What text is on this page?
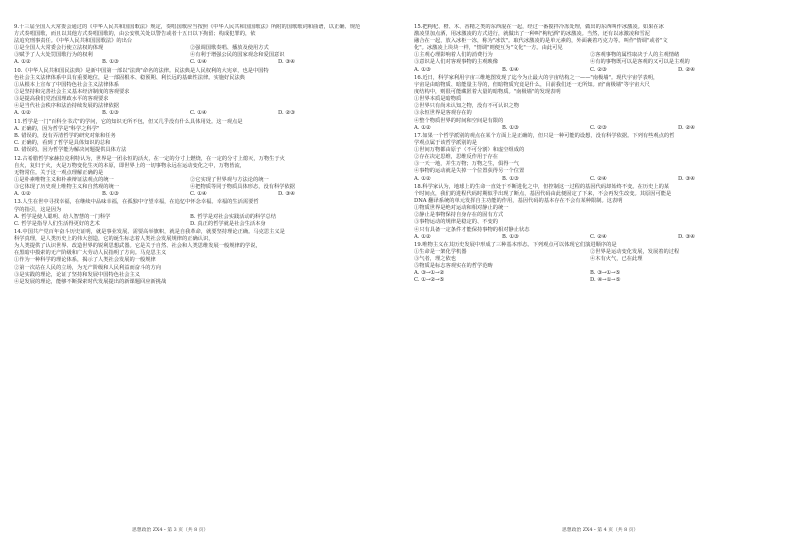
9.十三届全国人大常委会通过的《中华人民共和国国歌法》规定，奏唱国歌应当按照《中华人民共和国国歌法》所附的国歌歌词和曲谱，以正确、规范
方式奏唱国歌，而且以其他方式奏唱国歌的，由公安机关处以警告或者十五日以下拘留；构成犯罪的，依
法追究刑事责任。《中华人民共和国国歌法》的出台
①是全国人大常委会行使立法权的体现	②强调国歌奏唱、播放及使用方式
③赋予了人大处罚国歌行为的权利	④有利于增强公民的国家观念和爱国意识
A. ①②	B. ①③	C. ①④	D. ③④
10.《中华人民共和国民法典》是新中国第一部以"法典"命名的法律。民法典是人民权利的大宪章，也是中国特
色社会主义法律体系中具有重要地位，是一部固根本、稳预期、利长远的基础性法律。实施好民法典
①从根本上宣布了中国特色社会主义法律体系
②是坚持和完善社会主义基本经济制度的客观要求
③是提高我们党治国理政水平的客观要求
④是当代社会秩序和法治持续发展的法律依据
A. ①②	B. ①③	C. ①④	D. ②③
11.哲学是一门"百科全书式"的学问，它的知识无所不包，但又几乎没有什么具体用处。这一观点是
A. 正确的，因为哲学是"科学之科学"
B. 错误的，没有弄清哲学的研究对象和任务
C. 正确的，看到了哲学是具体知识的总和
D. 错误的，因为哲学能为解决问题提供具体方法
12.古希腊哲学家赫拉克利特认为，世界是一团永恒的活火，在一定的分寸上燃烧，在一定的分寸上熄灭，万物生于火
自火，复归于火，火是万物变化生灭的本原，即世界上的一切事物永远在运动变化之中，万物皆流，
无物常住。关于这一观点理解正确的是
①是朴素唯物主义和朴素辩证法观点的统一	②它实现了世界观与方法论的统一
③它体现了历史观上唯物主义和自然观的统一	④把物质等同于物质具体形态，没有科学依据
A. ①②	B. ①③	C. ①④	D. ③④
13.人生在世中寻找幸福，在继续中品味幸福，在孤独中守望幸福，在追忆中怀念幸福。幸福的生活需要哲
学的指引，这是因为
A. 哲学是使人聪明、给人智慧的一门科学	B. 哲学是对社会实践活动的科学总结
C. 哲学是指导人们生活得更好的艺术	D. 真正的哲学就是社会生活本身
14.中国共产党百年奋斗历史证明，就是事业发展、需要高举旗帜，就是自我革命，就要坚持理论正确。马克思主义是
科学真理，是人类历史上的伟大创造，它的诞生标志着人类社会发展规律的正确认识，
为人类提供了认识世界、改造世界的锐利思想武器。它是关于自然、社会和人类思维发展一般规律的学说，
在黑暗中摸索的无产阶级和广大劳动人民指明了方向。马克思主义
①作为一种科学的理论体系，揭示了人类社会发展的一般规律
②第一次站在人民的立场，为无产阶级和人民利益而奋斗的方向
③是实践的理论，论证了坚持和发展中国特色社会主义
④是发展的理论，能够不断探索时代发展提出的新课题回应新挑战
15.把枸杞、橙、木、香精之类的东西混在一起，经过一番搅拌冷冻处理，做出的东西叫作冰激凌。如果在冰
激凌里加点酒，用冰激凌的方式进行，就做出了一种叫"枸杞酒"的冰激凌。当然，还有以冰激凌和雪泥
融合在一起，放入冰柜一冻，称为"冰饮"。取代冰激凌的是单元素的，外面裹着巧克力等。叫作"情调"或者"文
化"。冰激凌上块块一样，"情调"则便互为"文化"一方。由此可见
①主观心理影响着人们的消费行为	②客观事物的属性取决于人的主观情绪
③意识是人们对客观事物的主观映像	④有的事物既可以是客观的又可以是主观的
A. ①③	B. ①④	C. ②③	D. ②④
16.近日，科学家利用宇宙三维地图发现了迄今为止最大的宇宙结构之一——"南极墙"。现代宇宙学表明，
宇宙是由暗物质、暗能量主导的，但暗物质究竟是什么，目前我们还一无所知。而"南极墙"等宇宙大尺
度结构中，则很可能藏匿着大量的暗物质。"南极墙"的发现表明
①世界本质是暗物质
②世界只有尚未认知之物，没有不可认识之物
③永恒世界是客观存在的
④整个物质世界的时间和空间是有限的
A. ①②	B. ①③	C. ②③	D. ②④
17.如果一个哲学派别的观点在某个方面上是正确的，但只是一种可能的设想，没有科学依据。下列有些观点的哲
学观点属于该哲学派别的是
①世间万物都由原子（不可分割）和虚空组成的
②存在决定思维，思维反作用于存在
③一天一地，并生万物；万物之生，俱得一气
④事物的运动就是失掉一个位置获得另一个位置
A. ①②	B. ①③	C. ②④	D. ③④
18.科学家认为，地球上的生命一直处于不断进化之中，但控制这一过程的基因代码却始终不变。在历史上的某
个时间点，我们的进程代码时期似乎出现了断点，基因代码由此便固定了下来，不会再发生改变。其原因可能是
DNA 翻译系统的单元发挥自主功能的作用，基因代码的基本存在不会有某种限制。这表明
①物质世界是绝对运动和相对静止的统一
②静止是事物保持自身存在的固有方式
③事物运动的规律是稳定的、不变的
④只有具备一定条件才能保持事物的相对静止状态
A. ①②	B. ①③	C. ②④	D. ③④
19.唯物主义在其历史发展中形成了三种基本形态。下列观点可以体现它们演进顺序的是
①生命是一架化学机器	②世界是运动变化发展，发展着的过程
③气者，理之依也	④木有火气，已在此理
⑤物质是标志客观实在的哲学范畴
A. ③→①→②	B. ③→①→⑤
C. ①→②→⑤	D. ④→①→⑤
思想政治 ZX4・第 3 页（共 8 页）	思想政治 ZX4・第 4 页（共 8 页）
